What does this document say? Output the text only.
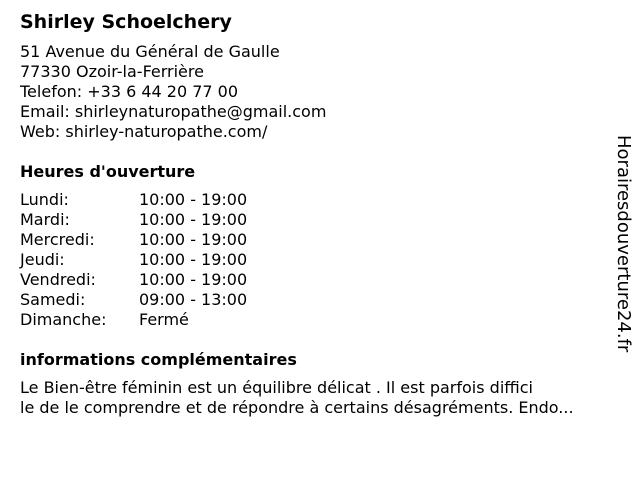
Shirley Schoelchery
51 Avenue du Général de Gaulle
77330 Ozoir-la-Ferrière
Telefon: +33 6 44 20 77 00
Email: shirleynaturopathe@gmail.com
Web: shirley-naturopathe.com/
Heures d'ouverture
Lundi:	10:00 - 19:00
Mardi:	10:00 - 19:00
Mercredi:	10:00 - 19:00
Jeudi:	10:00 - 19:00
Vendredi:	10:00 - 19:00
Samedi:	09:00 - 13:00
Dimanche:	Fermé
informations complémentaires
Le Bien-être féminin est un équilibre délicat . Il est parfois diffici
le de le comprendre et de répondre à certains désagréments. Endo...
Horairesdouverture24.fr
